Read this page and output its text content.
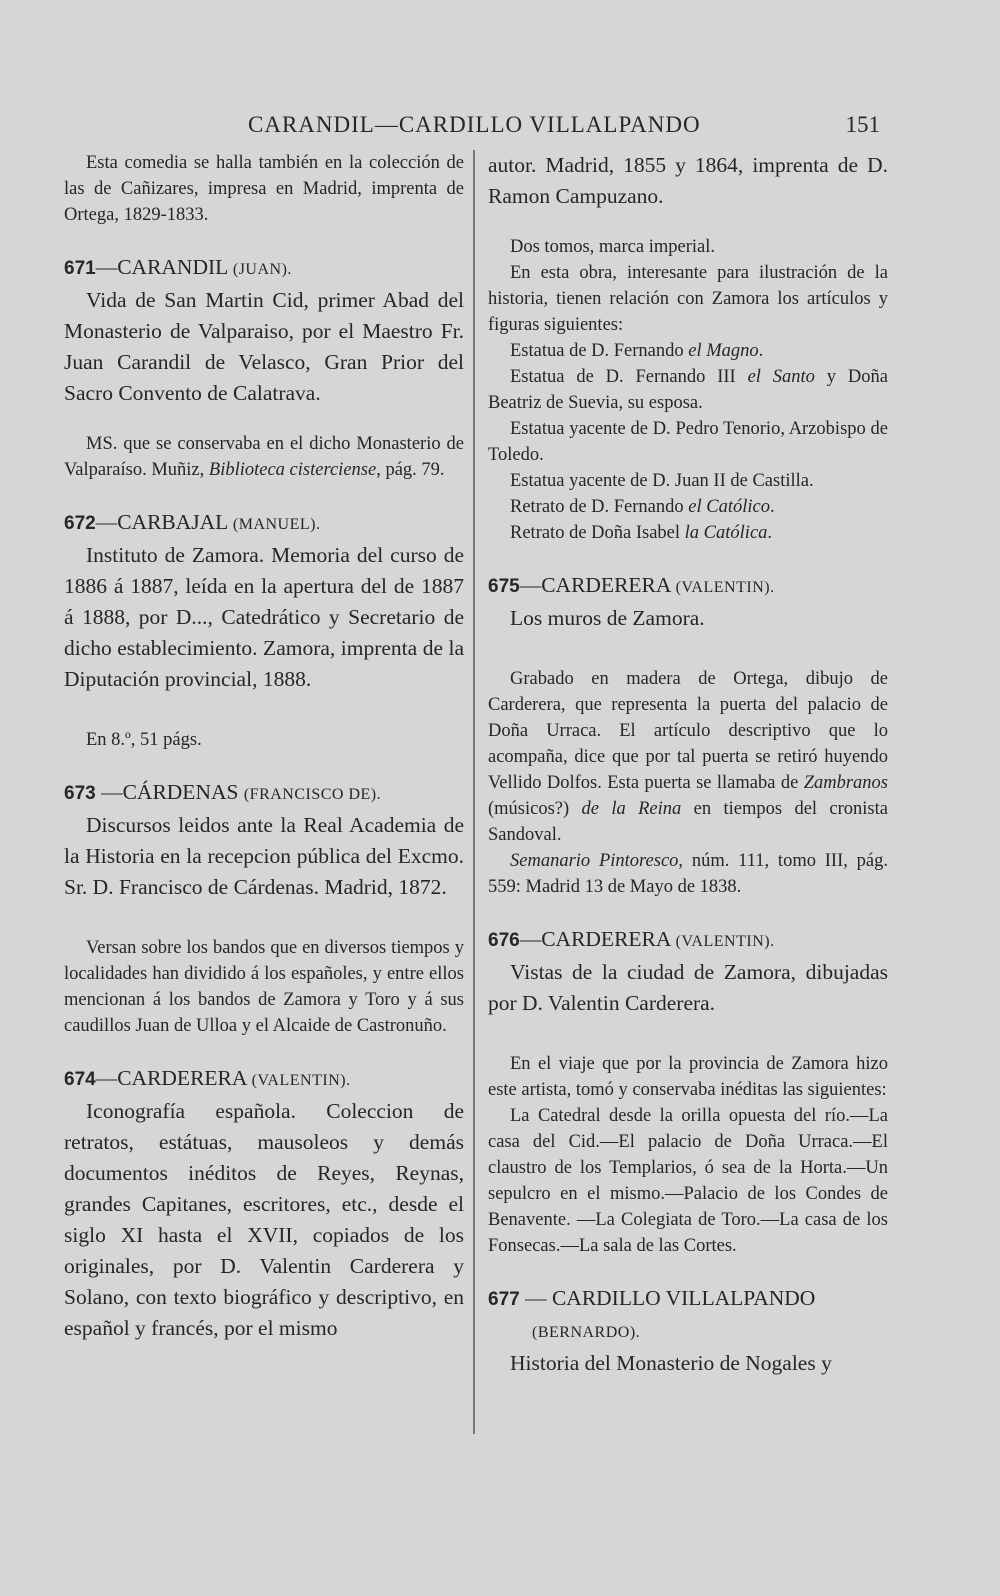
CARANDIL—CARDILLO VILLALPANDO	151

Esta comedia se halla también en la colección de las de Cañizares, impresa en Madrid, imprenta de Ortega, 1829-1833.

671—CARANDIL (JUAN).

Vida de San Martin Cid, primer Abad del Monasterio de Valparaiso, por el Maestro Fr. Juan Carandil de Velasco, Gran Prior del Sacro Convento de Calatrava.

MS. que se conservaba en el dicho Monasterio de Valparaíso. Muñiz, Biblioteca cisterciense, pág. 79.

672—CARBAJAL (MANUEL).

Instituto de Zamora. Memoria del curso de 1886 á 1887, leída en la apertura del de 1887 á 1888, por D..., Catedrático y Secretario de dicho establecimiento. Zamora, imprenta de la Diputación provincial, 1888.

En 8.º, 51 págs.

673 —CÁRDENAS (FRANCISCO DE).

Discursos leidos ante la Real Academia de la Historia en la recepcion pública del Excmo. Sr. D. Francisco de Cárdenas. Madrid, 1872.

Versan sobre los bandos que en diversos tiempos y localidades han dividido á los españoles, y entre ellos mencionan á los bandos de Zamora y Toro y á sus caudillos Juan de Ulloa y el Alcaide de Castronuño.

674—CARDERERA (VALENTIN).

Iconografía española. Coleccion de retratos, estátuas, mausoleos y demás documentos inéditos de Reyes, Reynas, grandes Capitanes, escritores, etc., desde el siglo XI hasta el XVII, copiados de los originales, por D. Valentin Carderera y Solano, con texto biográfico y descriptivo, en español y francés, por el mismo

autor. Madrid, 1855 y 1864, imprenta de D. Ramon Campuzano.

Dos tomos, marca imperial.

En esta obra, interesante para ilustración de la historia, tienen relación con Zamora los artículos y figuras siguientes:

Estatua de D. Fernando el Magno.

Estatua de D. Fernando III el Santo y Doña Beatriz de Suevia, su esposa.

Estatua yacente de D. Pedro Tenorio, Arzobispo de Toledo.

Estatua yacente de D. Juan II de Castilla.

Retrato de D. Fernando el Católico.

Retrato de Doña Isabel la Católica.

675—CARDERERA (VALENTIN).

Los muros de Zamora.

Grabado en madera de Ortega, dibujo de Carderera, que representa la puerta del palacio de Doña Urraca. El artículo descriptivo que lo acompaña, dice que por tal puerta se retiró huyendo Vellido Dolfos. Esta puerta se llamaba de Zambranos (músicos?) de la Reina en tiempos del cronista Sandoval.

Semanario Pintoresco, núm. 111, tomo III, pág. 559: Madrid 13 de Mayo de 1838.

676—CARDERERA (VALENTIN).

Vistas de la ciudad de Zamora, dibujadas por D. Valentin Carderera.

En el viaje que por la provincia de Zamora hizo este artista, tomó y conservaba inéditas las siguientes:

La Catedral desde la orilla opuesta del río.—La casa del Cid.—El palacio de Doña Urraca.—El claustro de los Templarios, ó sea de la Horta.—Un sepulcro en el mismo.—Palacio de los Condes de Benavente. —La Colegiata de Toro.—La casa de los Fonsecas.—La sala de las Cortes.

677 — CARDILLO VILLALPANDO

(BERNARDO).

Historia del Monasterio de Nogales y
